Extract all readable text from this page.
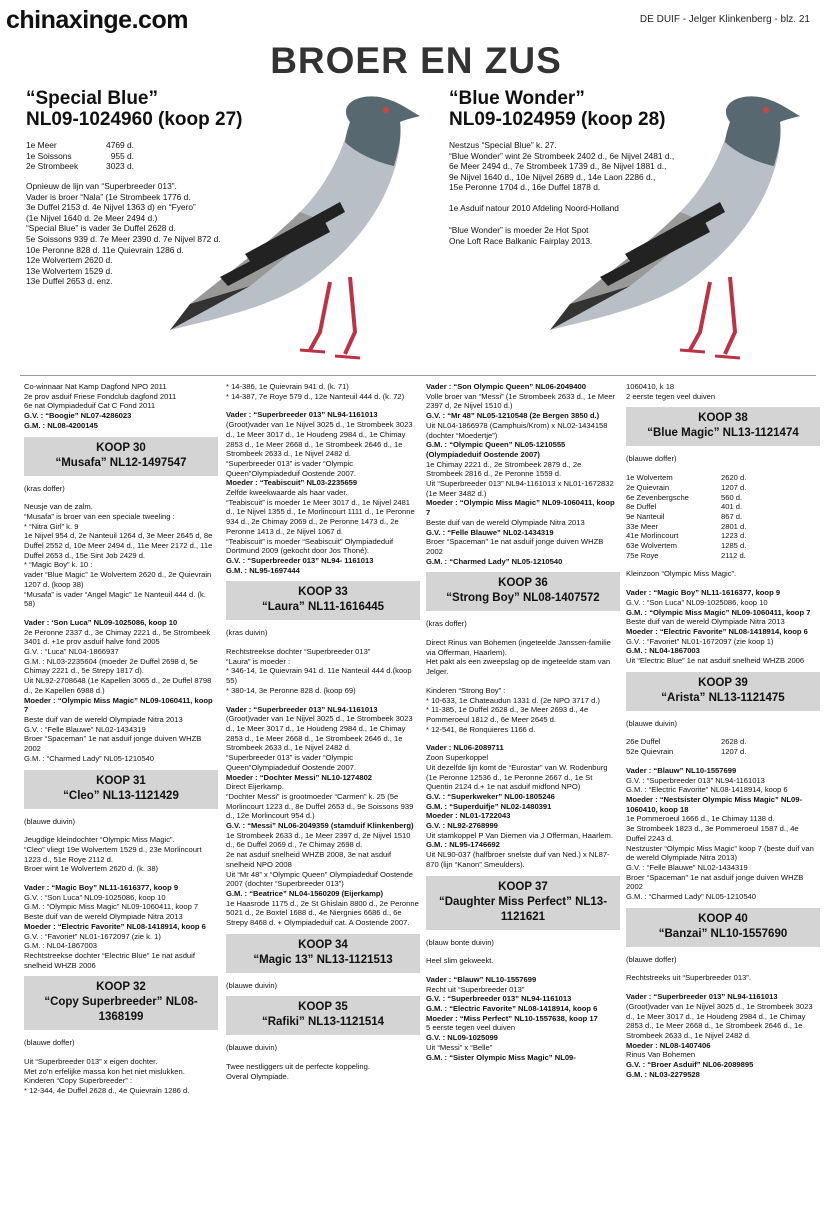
chinaxinge.com	DE DUIF - Jelger Klinkenberg - blz. 21
BROER EN ZUS
“Special Blue”
NL09-1024960 (koop 27)
1e Meer	4769 d.
1e Soissons	955 d.
2e Strombeek	3023 d.
Opnieuw de lijn van “Superbreeder 013”.
Vader is broer “Nala” (1e Strombeek 1776 d.
3e Duffel 2153 d. 4e Nijvel 1363 d) en “Fyero”
(1e Nijvel 1640 d. 2e Meer 2494 d.)
“Special Blue” is vader 3e Duffel 2628 d.
5e Soissons 939 d. 7e Meer 2390 d. 7e Nijvel 872 d.
10e Peronne 828 d. 11e Quievrain 1286 d.
12e Wolvertem 2620 d.
13e Wolvertem 1529 d.
13e Duffel 2653 d. enz.
“Blue Wonder”
NL09-1024959 (koop 28)
Nestzus “Special Blue” k. 27.
“Blue Wonder” wint 2e Strombeek 2402 d., 6e Nijvel 2481 d.,
6e Meer 2494 d., 7e Strombeek 1739 d., 8e Nijvel 1881 d.,
9e Nijvel 1640 d., 10e Nijvel 2689 d., 14e Laon 2286 d.,
15e Peronne 1704 d., 16e Duffel 1878 d.
1e Asduif natour 2010 Afdeling Noord-Holland
“Blue Wonder” is moeder 2e Hot Spot
One Loft Race Balkanic Fairplay 2013.

Co-winnaar Nat Kamp Dagfond NPO 2011
2e prov asduif Friese Fondclub dagfond 2011
6e nat Olympiadeduif Cat C Fond 2011

G.V. : “Boogie” NL07-4286023

G.M. : NL08-4200145

KOOP 30
“Musafa” NL12-1497547

(kras doffer)

Neusje van de zalm.
“Musafa” is broer van een speciale tweeling :
* “Nitra Girl” k. 9
1e Nijvel 954 d, 2e Nanteuil 1264 d, 3e Meer 2645 d, 8e Duffel 2552 d, 10e Meer 2494 d., 11e Meer 2172 d., 11e Duffel 2653 d., 15e Sint Job 2429 d.
* “Magic Boy” k. 10 :
vader “Blue Magic” 1e Wolvertem 2620 d., 2e Quievrain 1207 d. (koop 38)
“Musafa” is vader “Angel Magic” 1e Nanteuil 444 d. (k. 58)

Vader : ‘Son Luca” NL09-1025086, koop 10

2e Peronne 2337 d., 3e Chimay 2221 d., 5e Strombeek 3401 d. +1e prov asduif halve fond 2005

G.V. : “Luca” NL04-1866937

G.M. : NL03-2235604 (moeder 2e Duffel 2698 d, 5e Chimay 2221 d., 5e Strepy 1817 d).

Uit NL92-2708648 (1e Kapellen 3065 d., 2e Duffel 8798 d., 2e Kapellen 6988 d.)

Moeder : “Olympic Miss Magic” NL09-1060411, koop 7

Beste duif van de wereld Olympiade Nitra 2013

G.V. : “Felle Blauwe” NL02-1434319

Broer “Spaceman” 1e nat asduif jonge duiven WHZB 2002

G.M. : “Charmed Lady” NL05-1210540

KOOP 31
“Cleo” NL13-1121429

(blauwe duivin)

Jeugdige kleindochter “Olympic Miss Magic”.
“Cleo” vliegt 19e Wolvertem 1529 d., 23e Morlincourt 1223 d., 51e Roye 2112 d.
Broer wint 1e Wolvertem 2620 d. (k. 38)

Vader : “Magic Boy” NL11-1616377, koop 9

G.V. : “Son Luca” NL09-1025086, koop 10

G.M. : “Olympic Miss Magic” NL09-1060411, koop 7

Beste duif van de wereld Olympiade Nitra 2013

Moeder : “Electric Favorite” NL08-1418914, koop 6

G.V. : “Favoriet” NL01-1672097 (zie k. 1)

G.M. : NL04-1867003

Rechtstreekse dochter “Electric Blue” 1e nat asduif snelheid WHZB 2006

KOOP 32
“Copy Superbreeder” NL08-1368199

(blauwe doffer)

Uit “Superbreeder 013” x eigen dochter.
Met zo’n erfelijke massa kon het niet mislukken.
Kinderen “Copy Superbreeder” :
* 12-344, 4e Duffel 2628 d., 4e Quievrain 1286 d.

* 14-386, 1e Quievrain 941 d. (k. 71)
* 14-387, 7e Roye 579 d., 12e Nanteuil 444 d. (k. 72)

Vader : “Superbreeder 013” NL94-1161013

(Groot)vader van 1e Nijvel 3025 d., 1e Strombeek 3023 d., 1e Meer 3017 d., 1e Houdeng 2984 d., 1e Chimay 2853 d., 1e Meer 2668 d., 1e Strombeek 2646 d., 1e Strombeek 2633 d., 1e Nijvel 2482 d.
“Superbreeder 013” is vader “Olympic Queen”Olympiadeduif Oostende 2007.

Moeder : “Teabiscuit” NL03-2235659

Zelfde kweekwaarde als haar vader.
“Teabiscuit” is moeder 1e Meer 3017 d., 1e Nijvel 2481 d., 1e Nijvel 1355 d., 1e Morlincourt 1111 d., 1e Peronne 934 d., 2e Chimay 2069 d., 2e Peronne 1473 d., 2e Peronne 1413 d., 2e Nijvel 1067 d.
“Teabiscuit” is moeder “Seabiscuit” Olympiadeduif Dortmund 2009 (gekocht door Jos Thoné).

G.V. : “Superbreeder 013” NL94- 1161013

G.M. : NL95-1697444

KOOP 33
“Laura” NL11-1616445

(kras duivin)

Rechtstreekse dochter “Superbreeder 013”
“Laura” is moeder :
* 346-14, 1e Quievrain 941 d. 11e Nanteuil 444 d.(koop 55)
* 380-14, 3e Peronne 828 d. (koop 69)

Vader : “Superbreeder 013” NL94-1161013

(Groot)vader van 1e Nijvel 3025 d., 1e Strombeek 3023 d., 1e Meer 3017 d., 1e Houdeng 2984 d., 1e Chimay 2853 d., 1e Meer 2668 d., 1e Strombeek 2646 d., 1e Strombeek 2633 d., 1e Nijvel 2482 d.
“Superbreeder 013” is vader “Olympic Queen”Olympiadeduif Oostende 2007.

Moeder : “Dochter Messi” NL10-1274802

Direct Eijerkamp.
“Dochter Messi” is grootmoeder “Carmen” k. 25 (5e Morlincourt 1223 d., 8e Duffel 2653 d., 9e Soissons 939 d., 12e Morlincourt 954 d.)

G.V. : “Messi” NL06-2049359 (stamduif Klinkenberg)

1e Strombeek 2633 d., 1e Meer 2397 d, 2e Nijvel 1510 d., 6e Duffel 2069 d., 7e Chimay 2698 d.
2e nat asduif snelheid WHZB 2008, 3e nat asduif snelheid NPO 2008
Uit “Mr 48” x “Olympic Queen” Olympiadeduif Oostende 2007 (dochter “Superbreeder 013”)

G.M. : “Beatrice” NL04-1560209 (Eijerkamp)

1e Haasrode 1175 d., 2e St Ghislain 8800 d., 2e Peronne 5021 d., 2e Boxtel 1688 d., 4e Niergnies 6686 d., 6e Strepy 8468 d. + Olympiadeduif cat. A Oostende 2007.

KOOP 34
“Magic 13” NL13-1121513

(blauwe duivin)

KOOP 35
“Rafiki” NL13-1121514

(blauwe duivin)

Twee nestliggers uit de perfecte koppeling.
Overal Olympiade.

Vader : “Son Olympic Queen” NL06-2049400

Volle broer van “Messi” (1e Strombeek 2633 d., 1e Meer 2397 d, 2e Nijvel 1510 d.)

G.V. : “Mr 48” NL05-1210548 (2e Bergen 3850 d.)

Uit NL04-1866978 (Camphuis/Krom) x NL02-1434158 (dochter “Moedertje”)

G.M. : “Olympic Queen” NL05-1210555 (Olympiadeduif Oostende 2007)

1e Chimay 2221 d., 2e Strombeek 2879 d., 2e Strombeek 2816 d., 2e Peronne 1559 d.
Uit “Superbreeder 013” NL94-1161013 x NL01-1672832 (1e Meer 3482 d.)

Moeder : “Olympic Miss Magic” NL09-1060411, koop 7

Beste duif van de wereld Olympiade Nitra 2013

G.V. : “Felle Blauwe” NL02-1434319

Broer “Spaceman” 1e nat asduif jonge duiven WHZB 2002

G.M. : “Charmed Lady” NL05-1210540

KOOP 36
“Strong Boy” NL08-1407572

(kras doffer)

Direct Rinus van Bohemen (ingeteelde Janssen-familie via Offerman, Haarlem).
Het pakt als een zweepslag op de ingeteelde stam van Jelger.

Kinderen “Strong Boy” :
* 10-633, 1e Chateaudun 1331 d. (2e NPO 3717 d.)
* 11-385, 1e Duffel 2628 d., 3e Meer 2693 d., 4e Pommeroeul 1812 d., 6e Meer 2645 d.
* 12-541, 8e Ronquieres 1166 d.

Vader : NL06-2089711

Zoon Superkoppel
Uit dezelfde lijn komt de “Eurostar” van W. Rodenburg (1e Peronne 12536 d., 1e Peronne 2667 d., 1e St Quentin 2124 d.+ 1e nat asduif midfond NPO)

G.V. : “Superkweker” NL00-1805246

G.M. : “Superduifje” NL02-1480391

Moeder : NL01-1722043

G.V. : NL92-2768999

Uit stamkoppel P Van Diemen via J Offerman, Haarlem.

G.M. : NL95-1746692

Uit NL90-037 (halfbroer snelste duif van Ned.) x NL87-870 (lijn “Kanon” Smeulders).

KOOP 37
“Daughter Miss Perfect” NL13-1121621

(blauw bonte duivin)

Heel slim gekweekt.

Vader : “Blauw” NL10-1557699

Recht uit “Superbreeder 013”

G.V. : “Superbreeder 013” NL94-1161013

G.M. : “Electric Favorite” NL08-1418914, koop 6

Moeder : “Miss Perfect” NL10-1557638, koop 17

5 eerste tegen veel duiven

G.V. : NL09-1025099

Uit “Messi” x “Belle”

G.M. : “Sister Olympic Miss Magic” NL09-

1060410, k 18
2 eerste tegen veel duiven

KOOP 38
“Blue Magic” NL13-1121474

(blauwe doffer)

1e Wolvertem	2620 d.
2e Quievrain	1207 d.
6e Zevenbergsche	560 d.
8e Duffel	401 d.
9e Nanteuil	867 d.
33e Meer	2801 d.
41e Morlincourt	1223 d.
63e Wolvertem	1285 d.
75e Roye	2112 d.

Kleinzoon “Olympic Miss Magic”.

Vader : “Magic Boy” NL11-1616377, koop 9

G.V. : “Son Luca” NL09-1025086, koop 10

G.M. : “Olympic Miss Magic” NL09-1060411, koop 7

Beste duif van de wereld Olympiade Nitra 2013

Moeder : “Electric Favorite” NL08-1418914, koop 6

G.V. : “Favoriet” NL01-1672097 (zie koop 1)

G.M. : NL04-1867003

Uit “Electric Blue” 1e nat asduif snelheid WHZB 2006

KOOP 39
“Arista” NL13-1121475

(blauwe duivin)

26e Duffel	2628 d.
52e Quievrain	1207 d.

Vader : “Blauw” NL10-1557699

G.V. : “Superbreeder 013” NL94-1161013

G.M. : “Electric Favorite” NL08-1418914, koop 6

Moeder : “Nestsister Olympic Miss Magic” NL09-1060410, koop 18

1e Pommeroeul 1666 d., 1e Chimay 1138 d.
3e Strombeek 1823 d., 3e Pommeroeul 1587 d., 4e Duffel 2243 d.
Nestzuster “Olympic Miss Magic” koop 7 (beste duif van de wereld Olympiade Nitra 2013)

G.V. : “Felle Blauwe” NL02-1434319

Broer “Spaceman” 1e nat asduif jonge duiven WHZB 2002

G.M. : “Charmed Lady” NL05-1210540

KOOP 40
“Banzai” NL10-1557690

(blauwe doffer)

Rechtstreeks uit “Superbreeder 013”.

Vader : “Superbreeder 013” NL94-1161013

(Groot)vader van 1e Nijvel 3025 d., 1e Strombeek 3023 d., 1e Meer 3017 d., 1e Houdeng 2984 d., 1e Chimay 2853 d., 1e Meer 2668 d., 1e Strombeek 2646 d., 1e Strombeek 2633 d., 1e Nijvel 2482 d.

Moeder : NL08-1407406

Rinus Van Bohemen

G.V. : “Broer Asduif” NL06-2089895

G.M. : NL03-2279528
